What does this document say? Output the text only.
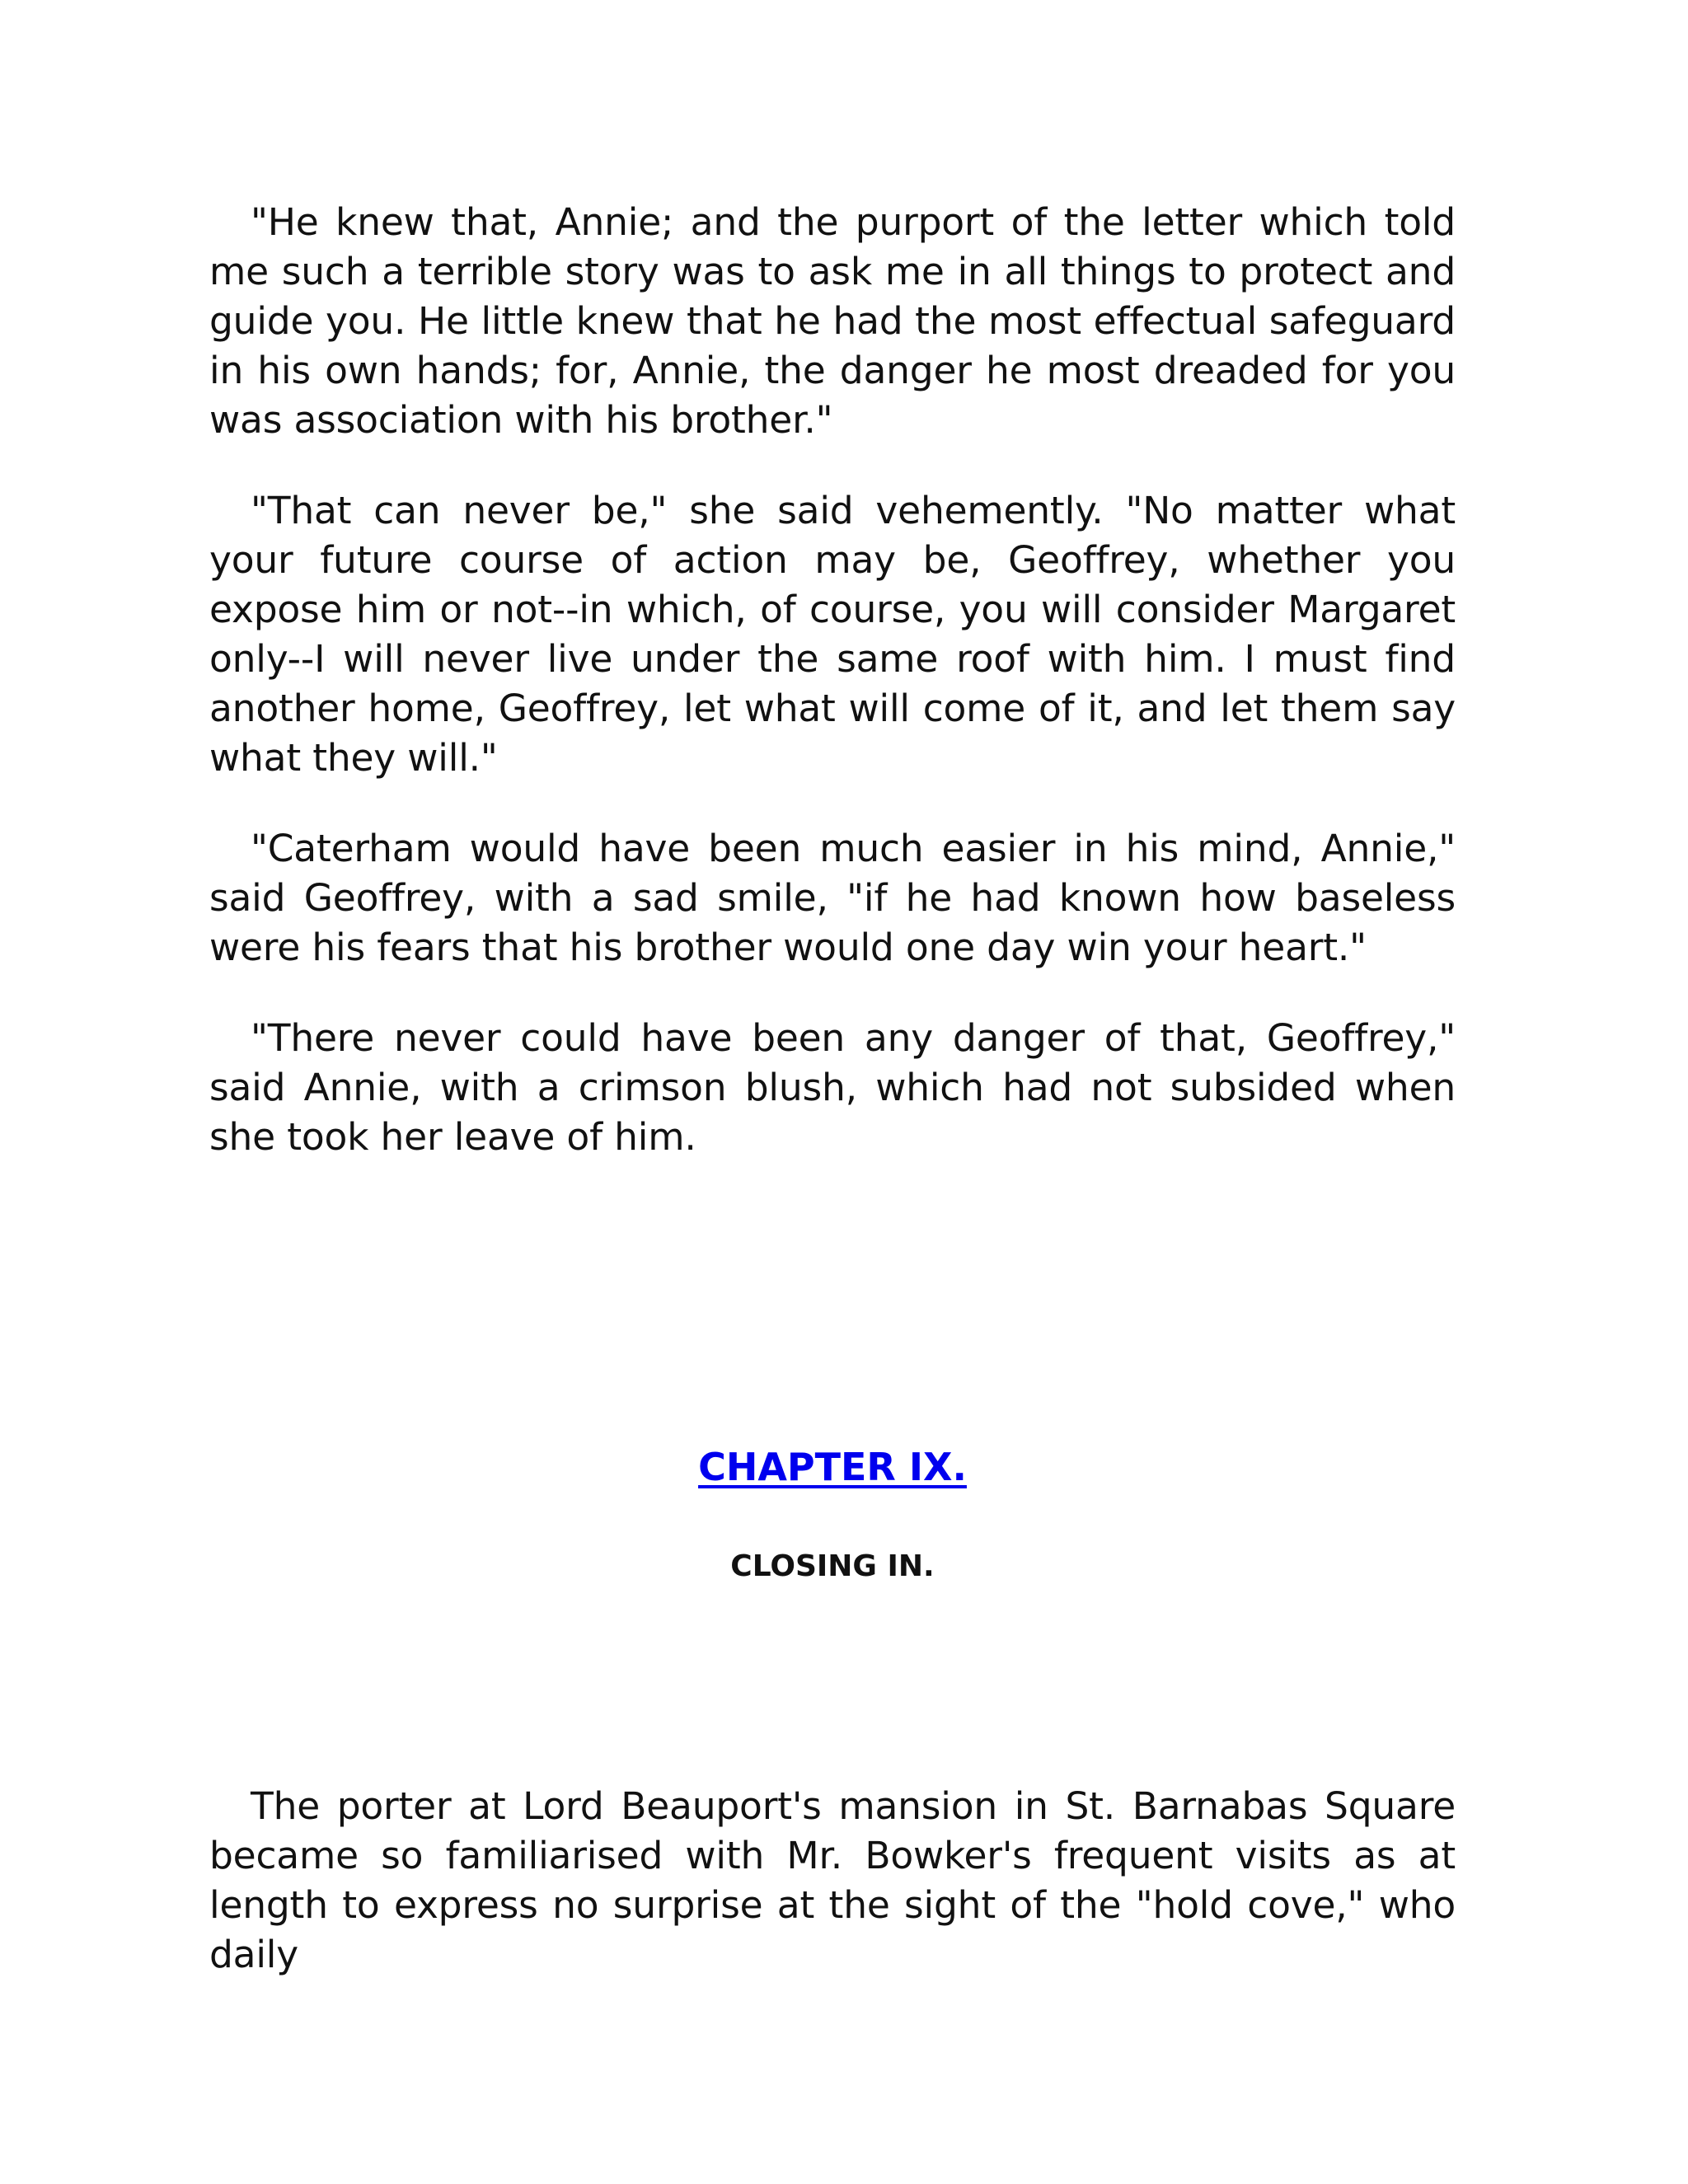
"He knew that, Annie; and the purport of the letter which told me such a terrible story was to ask me in all things to protect and guide you. He little knew that he had the most effectual safeguard in his own hands; for, Annie, the danger he most dreaded for you was association with his brother."

"That can never be," she said vehemently. "No matter what your future course of action may be, Geoffrey, whether you expose him or not--in which, of course, you will consider Margaret only--I will never live under the same roof with him. I must find another home, Geoffrey, let what will come of it, and let them say what they will."

"Caterham would have been much easier in his mind, Annie," said Geoffrey, with a sad smile, "if he had known how baseless were his fears that his brother would one day win your heart."

"There never could have been any danger of that, Geoffrey," said Annie, with a crimson blush, which had not subsided when she took her leave of him.

CHAPTER IX.
CLOSING IN.

The porter at Lord Beauport's mansion in St. Barnabas Square became so familiarised with Mr. Bowker's frequent visits as at length to express no surprise at the sight of the "hold cove," who daily
